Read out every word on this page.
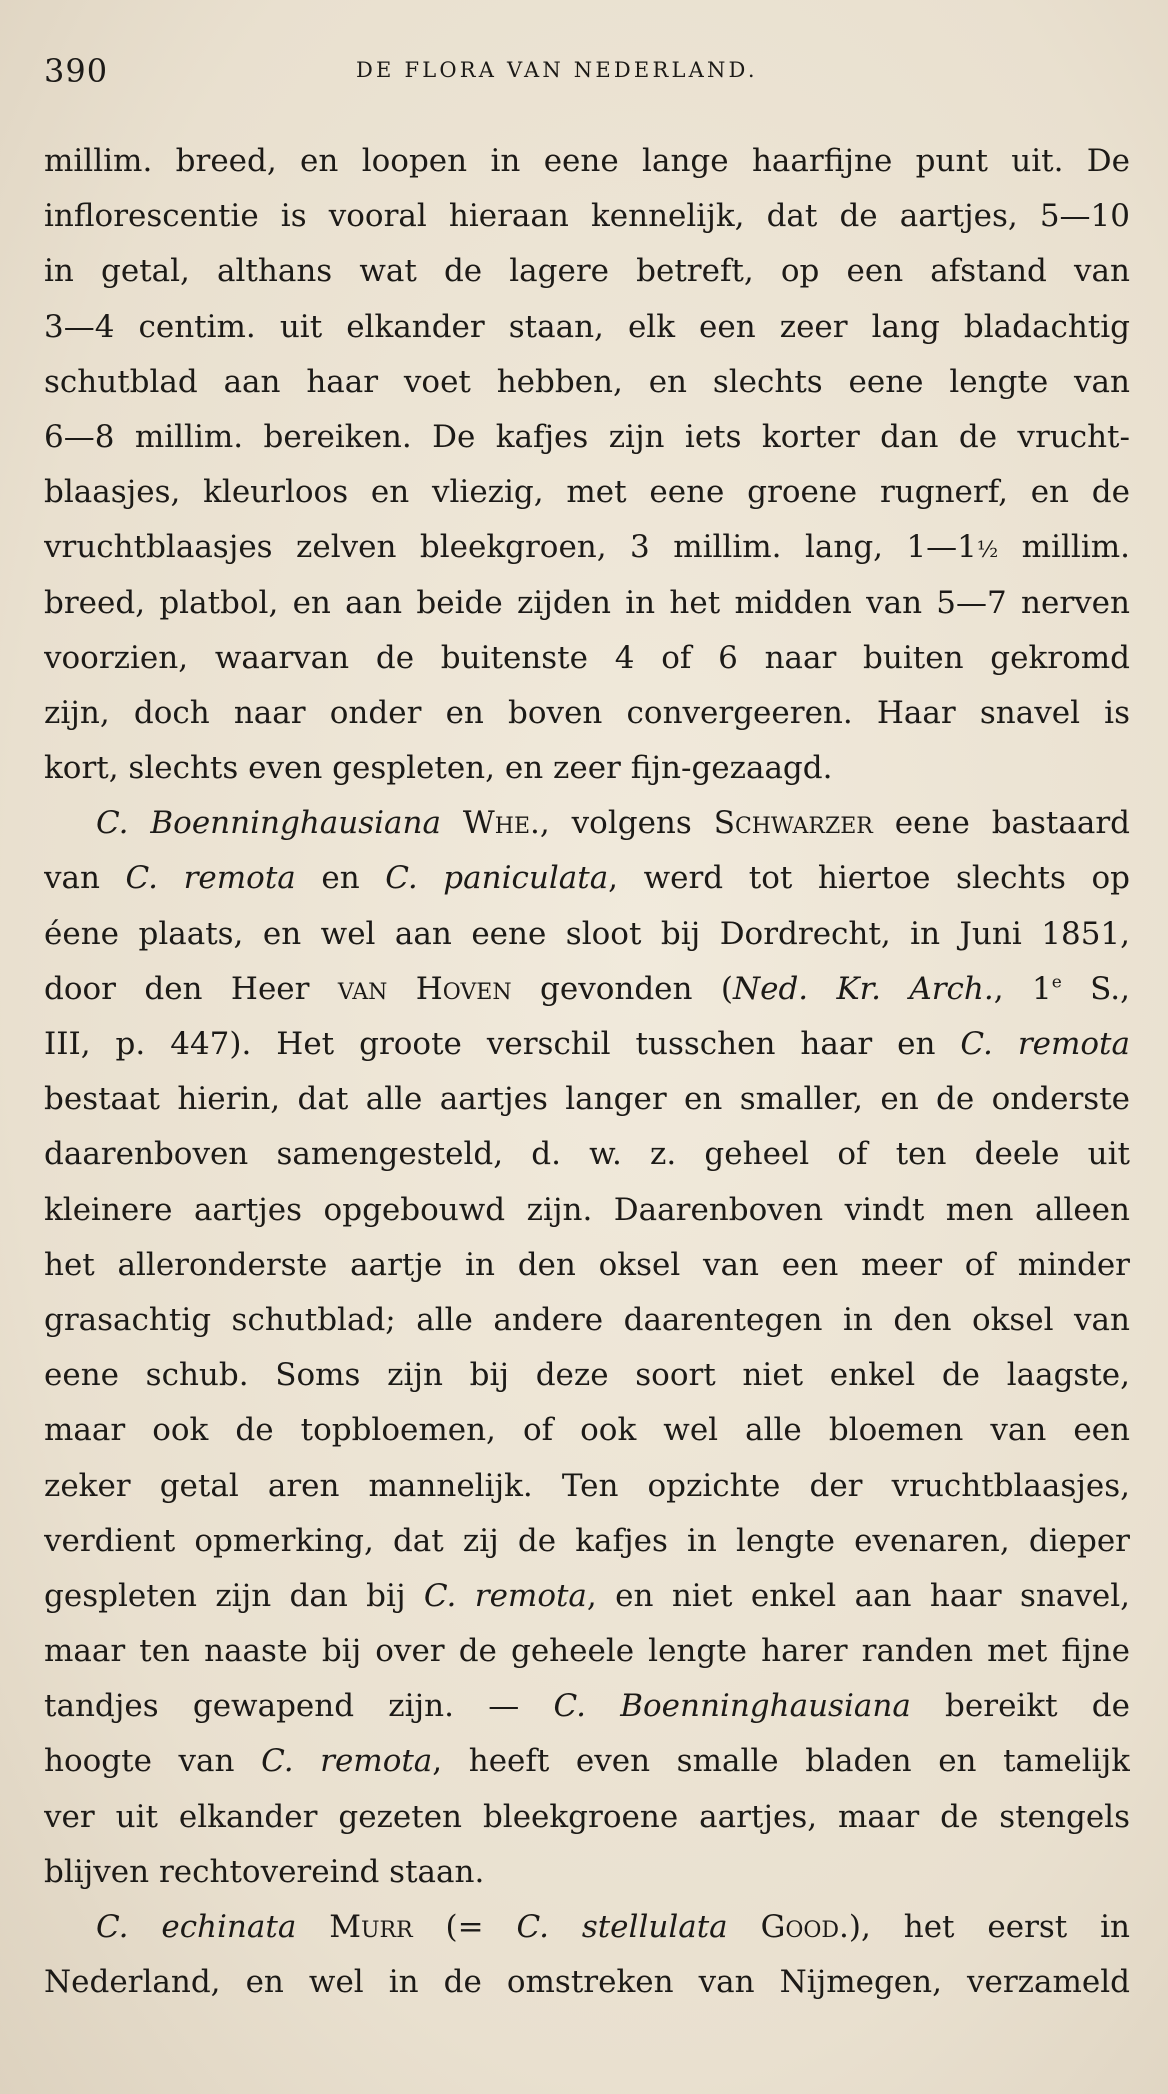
390	DE FLORA VAN NEDERLAND.
millim. breed, en loopen in eene lange haarfijne punt uit. De
inflorescentie is vooral hieraan kennelijk, dat de aartjes, 5—10
in getal, althans wat de lagere betreft, op een afstand van
3—4 centim. uit elkander staan, elk een zeer lang bladachtig
schutblad aan haar voet hebben, en slechts eene lengte van
6—8 millim. bereiken. De kafjes zijn iets korter dan de vrucht-
blaasjes, kleurloos en vliezig, met eene groene rugnerf, en de
vruchtblaasjes zelven bleekgroen, 3 millim. lang, 1—1½ millim.
breed, platbol, en aan beide zijden in het midden van 5—7 nerven
voorzien, waarvan de buitenste 4 of 6 naar buiten gekromd
zijn, doch naar onder en boven convergeeren. Haar snavel is
kort, slechts even gespleten, en zeer fijn-gezaagd.
C. Boenninghausiana Whe., volgens Schwarzer eene bastaard
van C. remota en C. paniculata, werd tot hiertoe slechts op
éene plaats, en wel aan eene sloot bij Dordrecht, in Juni 1851,
door den Heer van Hoven gevonden (Ned. Kr. Arch., 1e S.,
III, p. 447). Het groote verschil tusschen haar en C. remota
bestaat hierin, dat alle aartjes langer en smaller, en de onderste
daarenboven samengesteld, d. w. z. geheel of ten deele uit
kleinere aartjes opgebouwd zijn. Daarenboven vindt men alleen
het alleronderste aartje in den oksel van een meer of minder
grasachtig schutblad; alle andere daarentegen in den oksel van
eene schub. Soms zijn bij deze soort niet enkel de laagste,
maar ook de topbloemen, of ook wel alle bloemen van een
zeker getal aren mannelijk. Ten opzichte der vruchtblaasjes,
verdient opmerking, dat zij de kafjes in lengte evenaren, dieper
gespleten zijn dan bij C. remota, en niet enkel aan haar snavel,
maar ten naaste bij over de geheele lengte harer randen met fijne
tandjes gewapend zijn. — C. Boenninghausiana bereikt de
hoogte van C. remota, heeft even smalle bladen en tamelijk
ver uit elkander gezeten bleekgroene aartjes, maar de stengels
blijven rechtovereind staan.
C. echinata Murr (= C. stellulata Good.), het eerst in
Nederland, en wel in de omstreken van Nijmegen, verzameld
